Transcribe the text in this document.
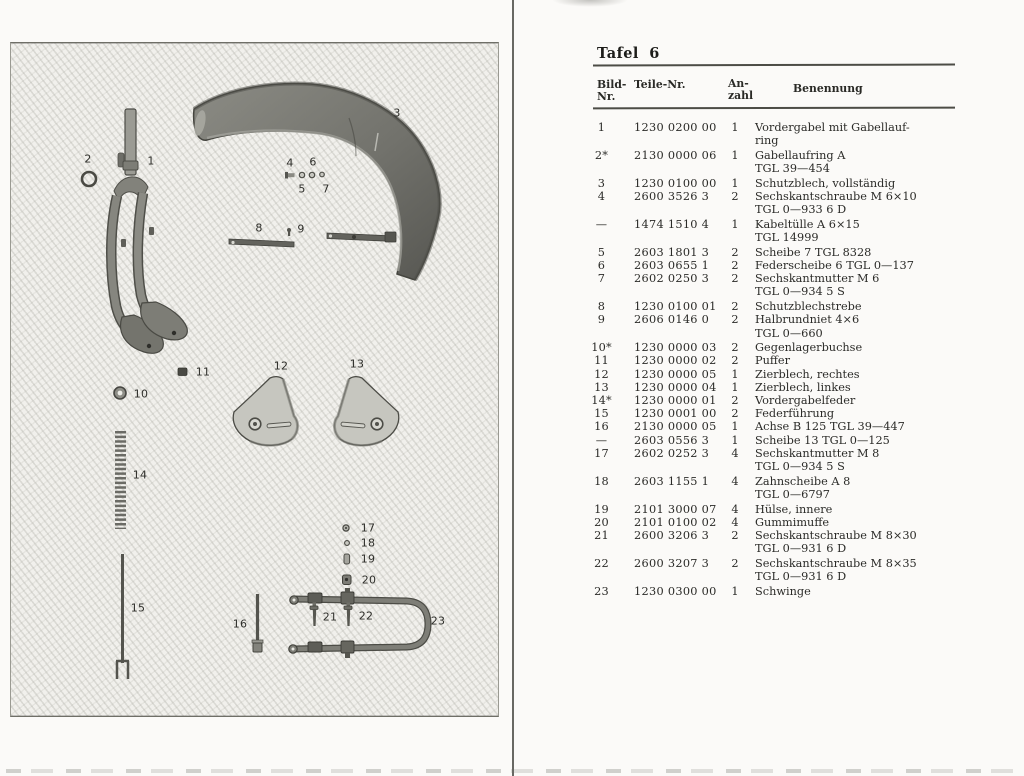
1
2
3
4
5
6
7
8	9
10
11	12	13
14
15
16
17
18
19
20
21 22	23
Tafel 6
Bild-
Nr.
Teile-Nr.	An-
zahl
Benennung
1	1230 0200 00	1	Vordergabel mit Gabellauf-
ring
2*	2130 0000 06	1	Gabellaufring A
TGL 39—454
3	1230 0100 00	1	Schutzblech, vollständig
4	2600 3526 3	2	Sechskantschraube M 6×10
TGL 0—933 6 D
—	1474 1510 4	1	Kabeltülle A 6×15
TGL 14999
5	2603 1801 3	2	Scheibe 7 TGL 8328
6	2603 0655 1	2	Federscheibe 6 TGL 0—137
7	2602 0250 3	2	Sechskantmutter M 6
TGL 0—934 5 S
8	1230 0100 01	2	Schutzblechstrebe
9	2606 0146 0	2	Halbrundniet 4×6
TGL 0—660
10* 1230 0000 03	2	Gegenlagerbuchse
11	1230 0000 02	2	Puffer
12	1230 0000 05	1	Zierblech, rechtes
13	1230 0000 04	1	Zierblech, linkes
14* 1230 0000 01	2	Vordergabelfeder
15	1230 0001 00	2	Federführung
16	2130 0000 05	1	Achse B 125 TGL 39—447
—	2603 0556 3	1	Scheibe 13 TGL 0—125
17	2602 0252 3	4	Sechskantmutter M 8
TGL 0—934 5 S
18	2603 1155 1	4	Zahnscheibe A 8
TGL 0—6797
19	2101 3000 07	4	Hülse, innere
20	2101 0100 02	4	Gummimuffe
21	2600 3206 3	2	Sechskantschraube M 8×30
TGL 0—931 6 D
22	2600 3207 3	2	Sechskantschraube M 8×35
TGL 0—931 6 D
23	1230 0300 00	1	Schwinge
